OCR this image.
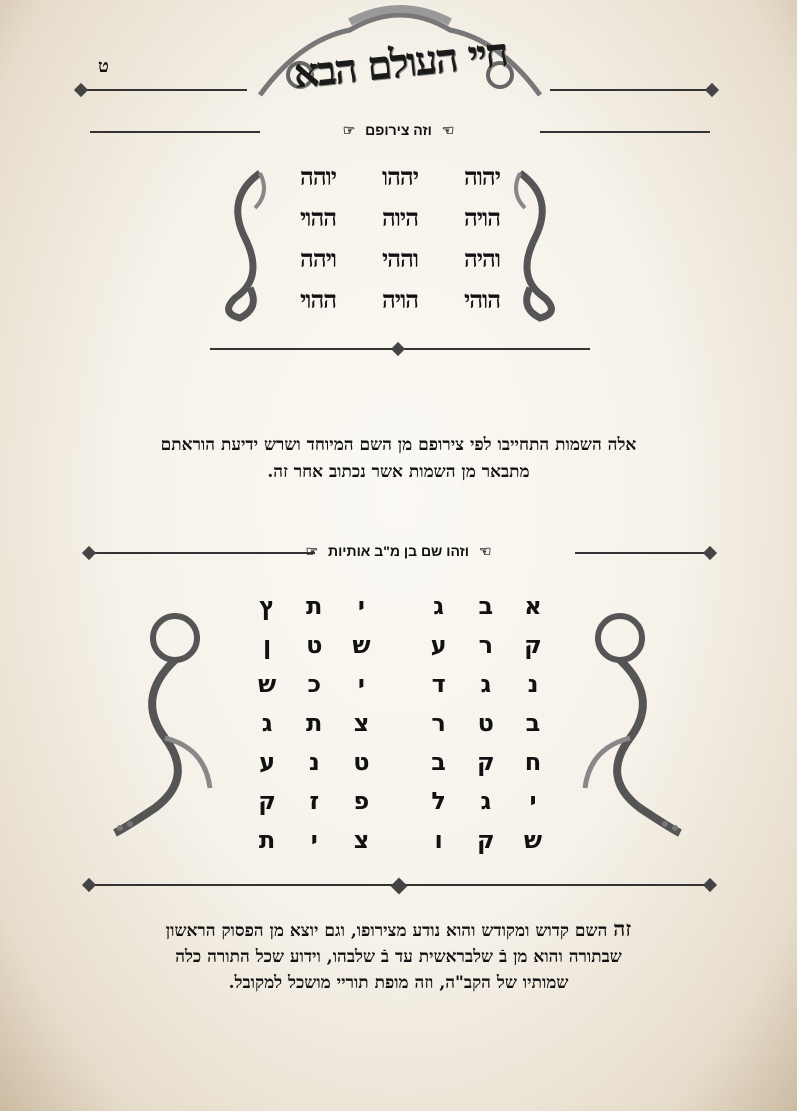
ט	חיי העולם הבא
☞ וזה צירופם ☜
יהוה
יההו
יוהה
הויה
היוה
ההוי
והיה
וההי
ויהה
הוהי
הויה
ההוי
אלה השמות התחייבו לפי צירופם מן השם המיוחד ושרש ידיעת הוראתם
מתבאר מן השמות אשר נכתוב אחר זה.
☞ וזהו שם בן מ"ב אותיות ☜
א
ב
ג
י
ת
ץ
ק
ר
ע
ש
ט
ן
נ
ג
ד
י
כ
ש
ב
ט
ר
צ
ת
ג
ח
ק
ב
ט
נ
ע
י
ג
ל
פ
ז
ק
ש
ק
ו
צ
י
ת
זה השם קדוש ומקודש והוא נודע מצירופו, וגם יוצא מן הפסוק הראשון
שבתורה והוא מן בֿ שלבראשית עד בֿ שלבהו, וידוע שכל התורה כלה
שמותיו של הקב"ה, וזה מופת תוריי מושכל למקובל.
